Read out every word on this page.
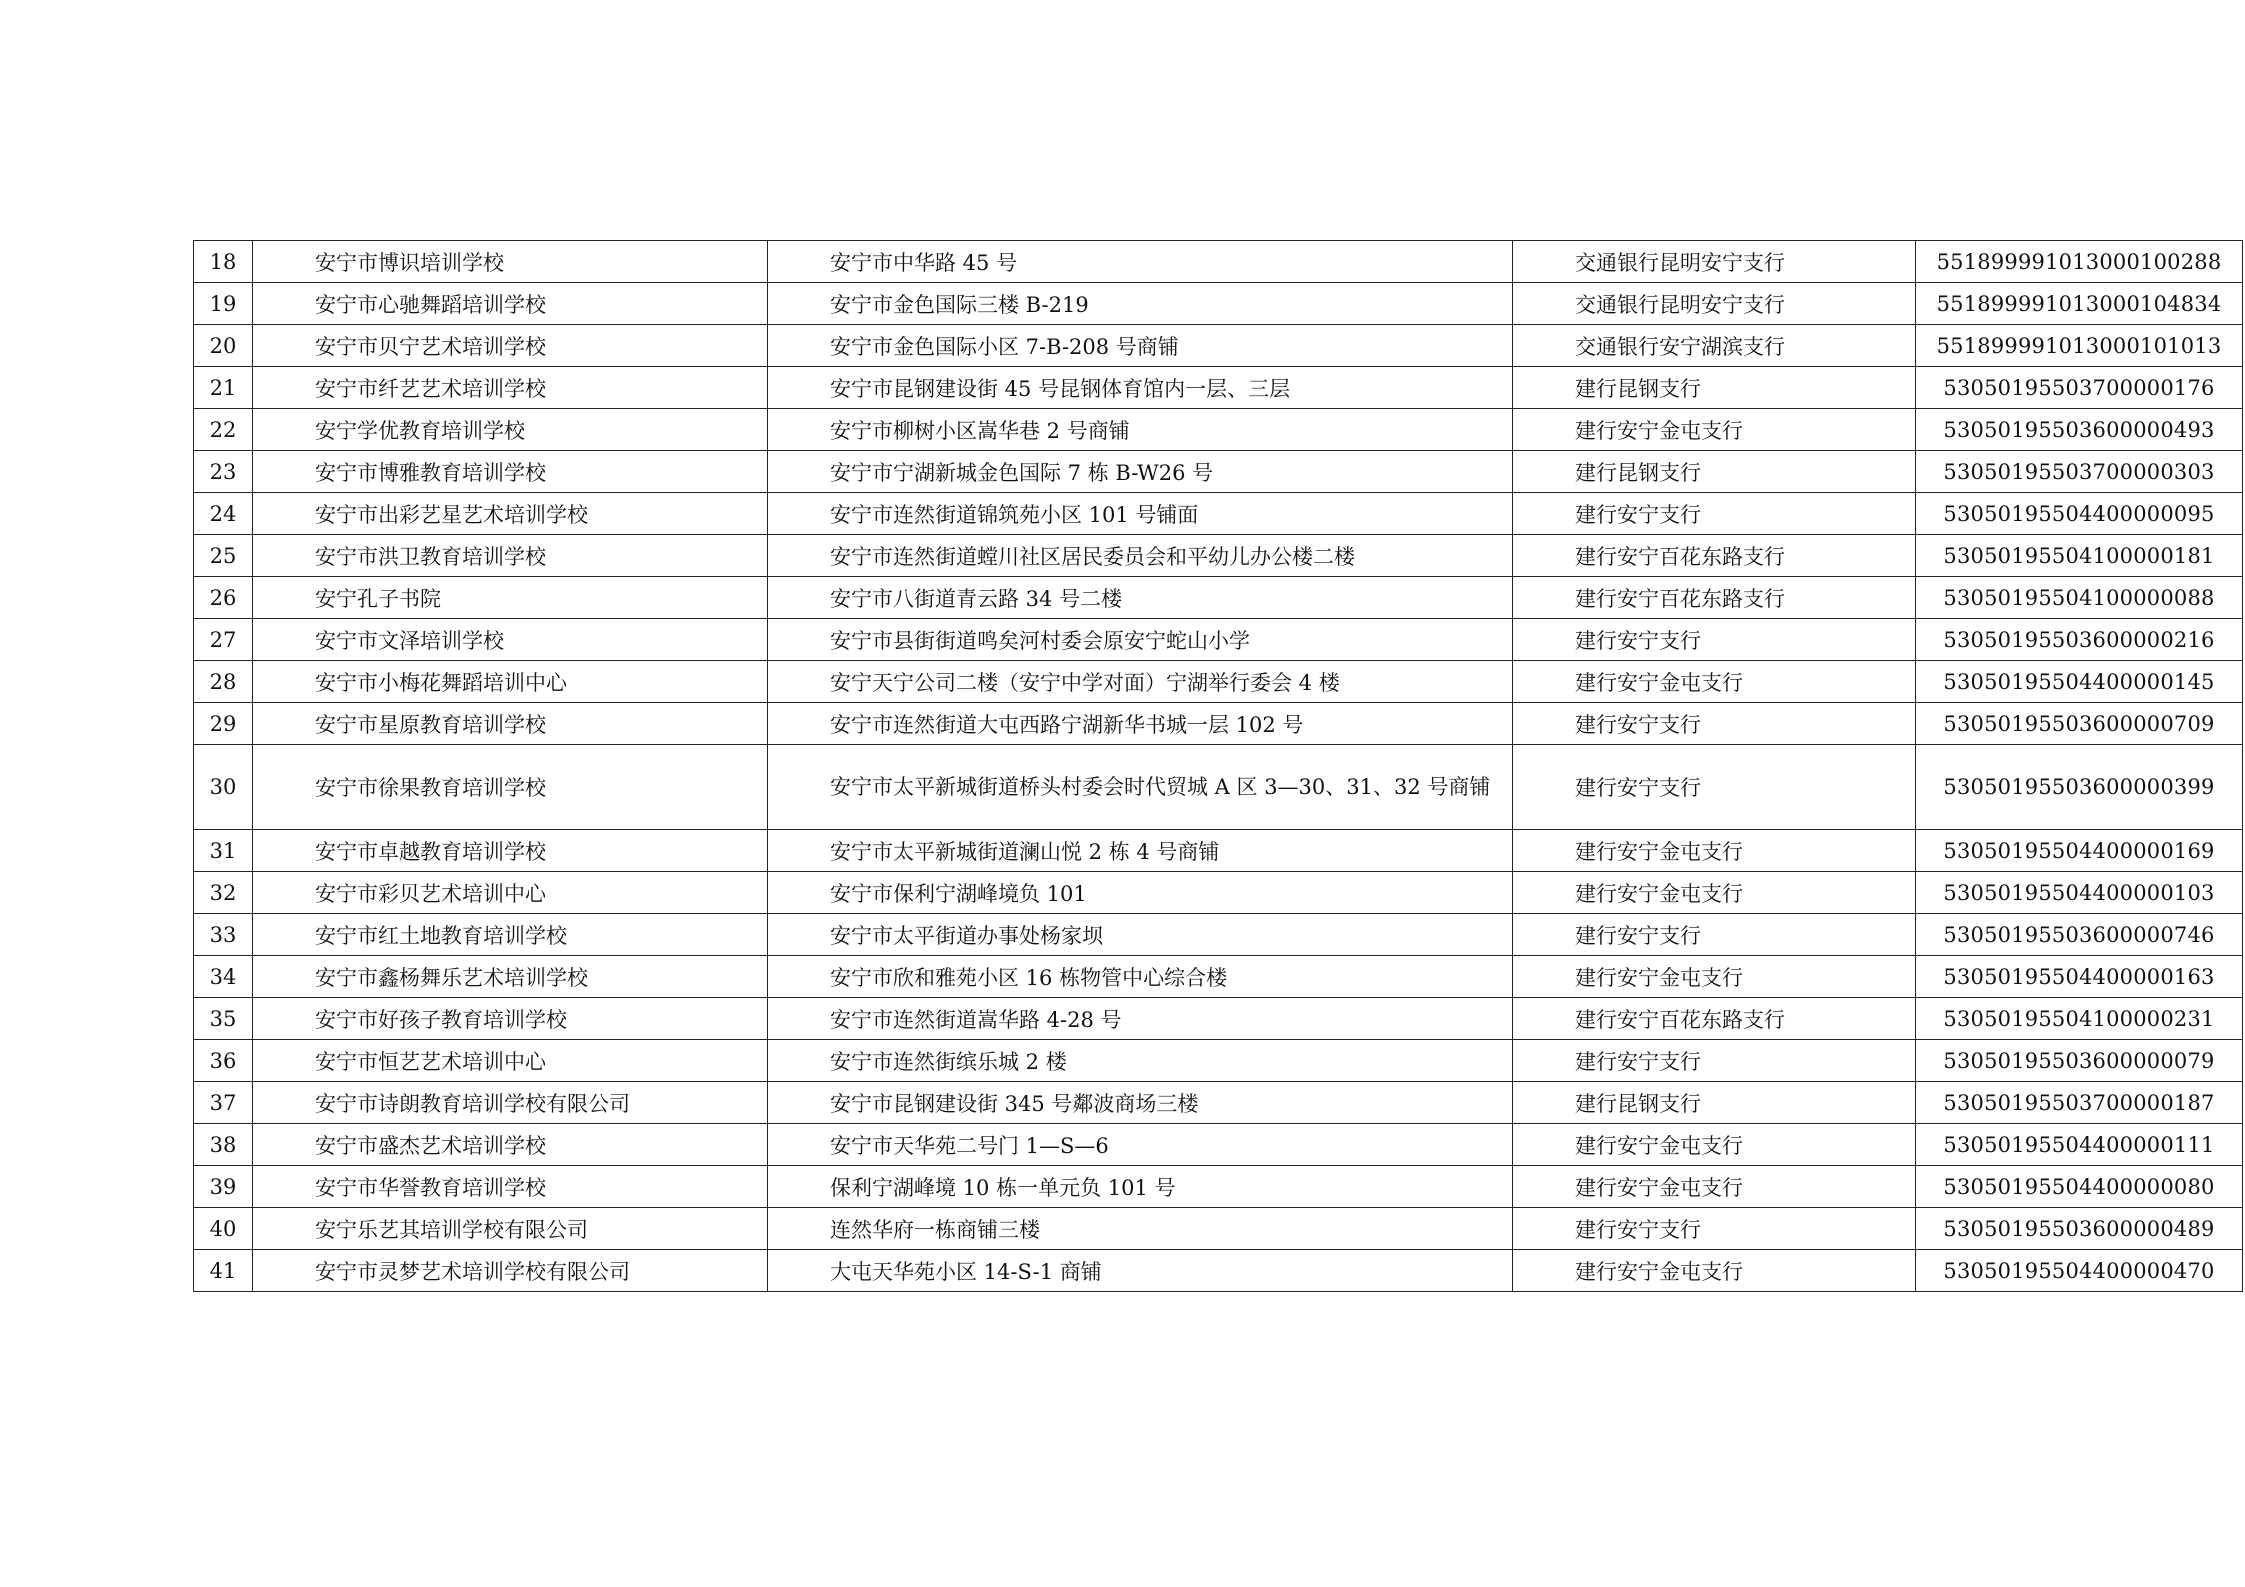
18	安宁市博识培训学校	安宁市中华路 45 号	交通银行昆明安宁支行	551899991013000100288
19	安宁市心驰舞蹈培训学校	安宁市金色国际三楼 B-219	交通银行昆明安宁支行	551899991013000104834
20	安宁市贝宁艺术培训学校	安宁市金色国际小区 7-B-208 号商铺	交通银行安宁湖滨支行	551899991013000101013
21	安宁市纤艺艺术培训学校	安宁市昆钢建设街 45 号昆钢体育馆内一层、三层	建行昆钢支行	53050195503700000176
22	安宁学优教育培训学校	安宁市柳树小区嵩华巷 2 号商铺	建行安宁金屯支行	53050195503600000493
23	安宁市博雅教育培训学校	安宁市宁湖新城金色国际 7 栋 B-W26 号	建行昆钢支行	53050195503700000303
24	安宁市出彩艺星艺术培训学校	安宁市连然街道锦筑苑小区 101 号铺面	建行安宁支行	53050195504400000095
25	安宁市洪卫教育培训学校	安宁市连然街道螳川社区居民委员会和平幼儿办公楼二楼	建行安宁百花东路支行	53050195504100000181
26	安宁孔子书院	安宁市八街道青云路 34 号二楼	建行安宁百花东路支行	53050195504100000088
27	安宁市文泽培训学校	安宁市县街街道鸣矣河村委会原安宁蛇山小学	建行安宁支行	53050195503600000216
28	安宁市小梅花舞蹈培训中心	安宁天宁公司二楼（安宁中学对面）宁湖举行委会 4 楼	建行安宁金屯支行	53050195504400000145
29	安宁市星原教育培训学校	安宁市连然街道大屯西路宁湖新华书城一层 102 号	建行安宁支行	53050195503600000709
30	安宁市徐果教育培训学校	安宁市太平新城街道桥头村委会时代贸城 A 区 3—30、31、32 号商铺	建行安宁支行	53050195503600000399
31	安宁市卓越教育培训学校	安宁市太平新城街道澜山悦 2 栋 4 号商铺	建行安宁金屯支行	53050195504400000169
32	安宁市彩贝艺术培训中心	安宁市保利宁湖峰境负 101	建行安宁金屯支行	53050195504400000103
33	安宁市红土地教育培训学校	安宁市太平街道办事处杨家坝	建行安宁支行	53050195503600000746
34	安宁市鑫杨舞乐艺术培训学校	安宁市欣和雅苑小区 16 栋物管中心综合楼	建行安宁金屯支行	53050195504400000163
35	安宁市好孩子教育培训学校	安宁市连然街道嵩华路 4-28 号	建行安宁百花东路支行	53050195504100000231
36	安宁市恒艺艺术培训中心	安宁市连然街缤乐城 2 楼	建行安宁支行	53050195503600000079
37	安宁市诗朗教育培训学校有限公司	安宁市昆钢建设街 345 号鄰波商场三楼	建行昆钢支行	53050195503700000187
38	安宁市盛杰艺术培训学校	安宁市天华苑二号门 1—S—6	建行安宁金屯支行	53050195504400000111
39	安宁市华誉教育培训学校	保利宁湖峰境 10 栋一单元负 101 号	建行安宁金屯支行	53050195504400000080
40	安宁乐艺其培训学校有限公司	连然华府一栋商铺三楼	建行安宁支行	53050195503600000489
41	安宁市灵梦艺术培训学校有限公司	大屯天华苑小区 14-S-1 商铺	建行安宁金屯支行	53050195504400000470
